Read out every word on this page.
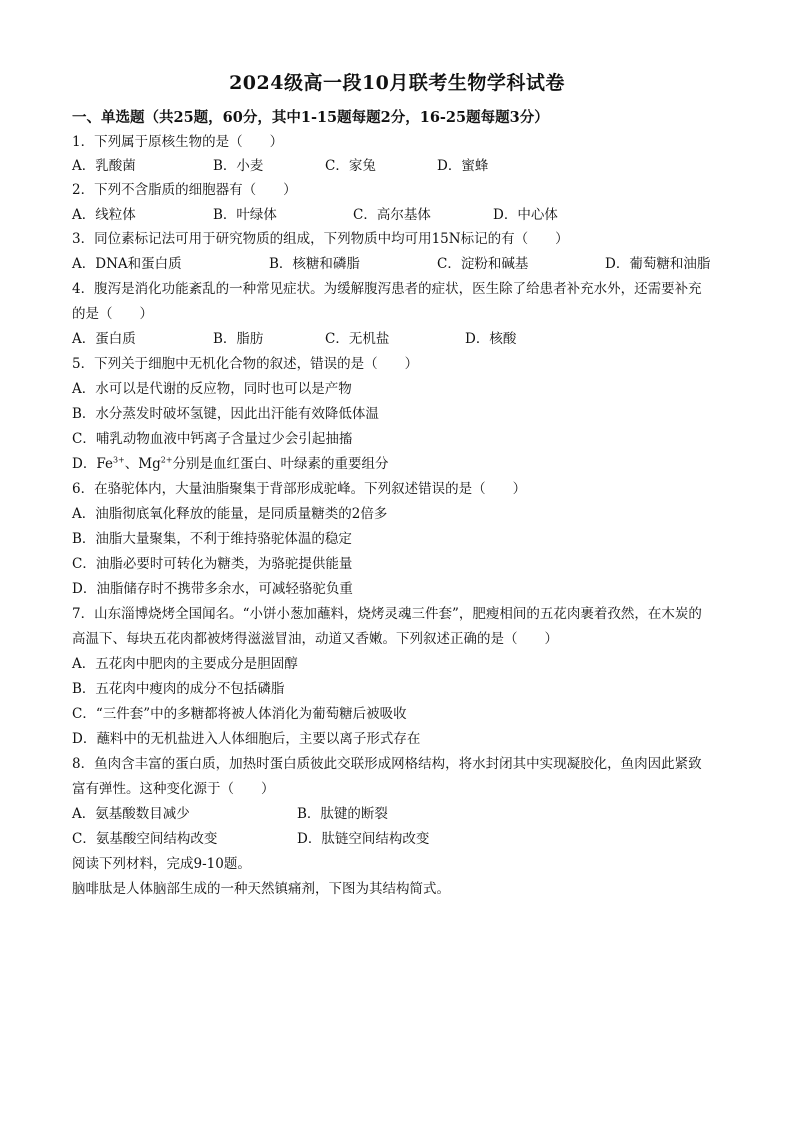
2024级高一段10月联考生物学科试卷
一、单选题（共25题，60分，其中1-15题每题2分，16-25题每题3分）
1．下列属于原核生物的是（　　）
A．乳酸菌	B．小麦	C．家兔	D．蜜蜂
2．下列不含脂质的细胞器有（　　）
A．线粒体	B．叶绿体	C．高尔基体	D．中心体
3．同位素标记法可用于研究物质的组成，下列物质中均可用15N标记的有（　　）
A．DNA和蛋白质	B．核糖和磷脂	C．淀粉和碱基	D．葡萄糖和油脂
4．腹泻是消化功能紊乱的一种常见症状。为缓解腹泻患者的症状，医生除了给患者补充水外，还需要补充
的是（　　）
A．蛋白质	B．脂肪	C．无机盐	D．核酸
5．下列关于细胞中无机化合物的叙述，错误的是（　　）
A．水可以是代谢的反应物，同时也可以是产物
B．水分蒸发时破坏氢键，因此出汗能有效降低体温
C．哺乳动物血液中钙离子含量过少会引起抽搐
D．$Fe^{3+}$、$Mg^{2+}$分别是血红蛋白、叶绿素的重要组分
6．在骆驼体内，大量油脂聚集于背部形成驼峰。下列叙述错误的是（　　）
A．油脂彻底氧化释放的能量，是同质量糖类的2倍多
B．油脂大量聚集，不利于维持骆驼体温的稳定
C．油脂必要时可转化为糖类，为骆驼提供能量
D．油脂储存时不携带多余水，可减轻骆驼负重
7．山东淄博烧烤全国闻名。“小饼小葱加蘸料，烧烤灵魂三件套”，肥瘦相间的五花肉裹着孜然，在木炭的
高温下、每块五花肉都被烤得滋滋冒油，动道又香嫩。下列叙述正确的是（　　）
A．五花肉中肥肉的主要成分是胆固醇
B．五花肉中瘦肉的成分不包括磷脂
C．“三件套”中的多糖都将被人体消化为葡萄糖后被吸收
D．蘸料中的无机盐进入人体细胞后，主要以离子形式存在
8．鱼肉含丰富的蛋白质，加热时蛋白质彼此交联形成网格结构，将水封闭其中实现凝胶化，鱼肉因此紧致
富有弹性。这种变化源于（　　）
A．氨基酸数目减少	B．肽键的断裂
C．氨基酸空间结构改变	D．肽链空间结构改变
阅读下列材料，完成9-10题。
脑啡肽是人体脑部生成的一种天然镇痛剂，下图为其结构简式。
